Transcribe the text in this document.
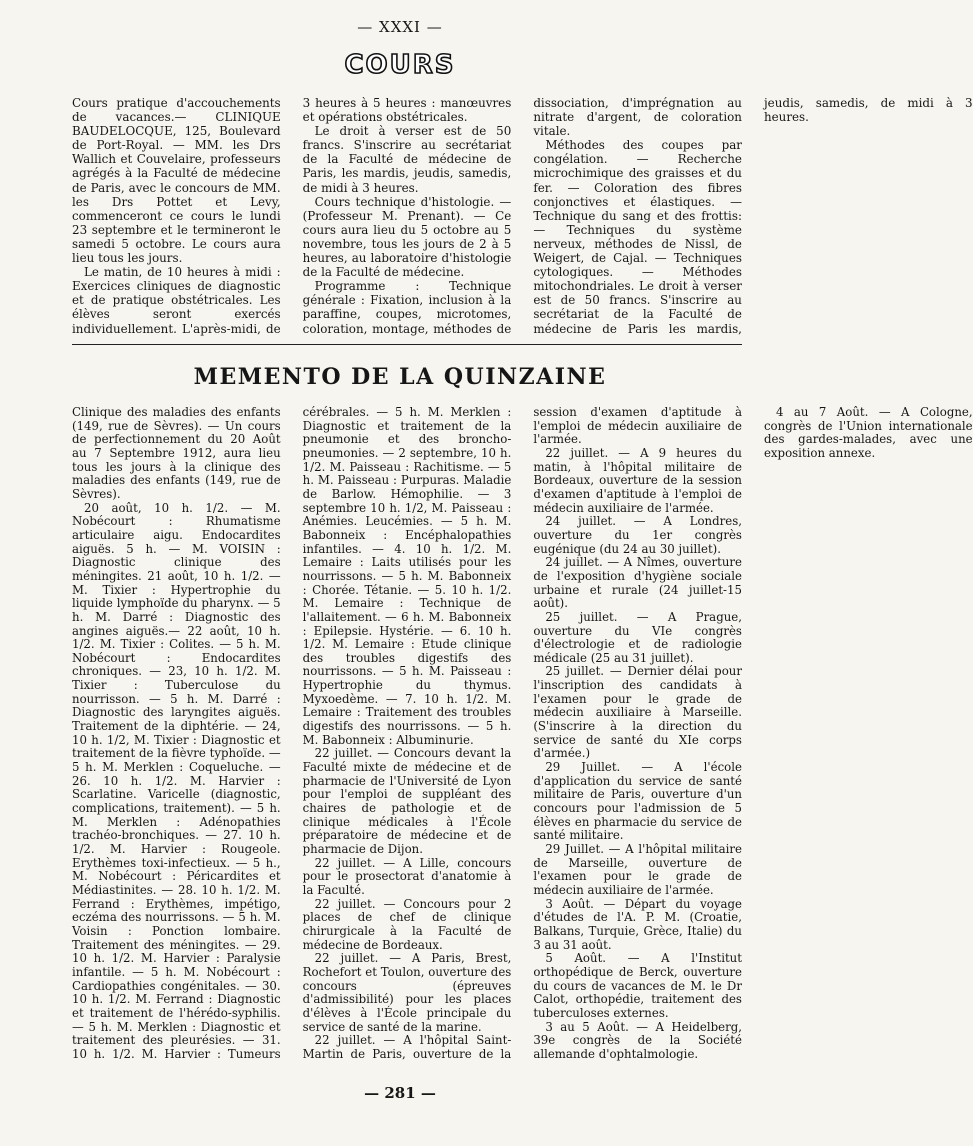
— XXXI —
COURS

Cours pratique d'accouchements de vacances.— CLINIQUE BAUDELOCQUE, 125, Boulevard de Port-Royal. — MM. les Drs Wallich et Couvelaire, professeurs agrégés à la Faculté de médecine de Paris, avec le concours de MM. les Drs Pottet et Levy, commenceront ce cours le lundi 23 septembre et le termineront le samedi 5 octobre. Le cours aura lieu tous les jours.

Le matin, de 10 heures à midi : Exercices cliniques de diagnostic et de pratique obstétricales. Les élèves seront exercés individuellement. L'après-midi, de 3 heures à 5 heures : manœuvres et opérations obstétricales.

Le droit à verser est de 50 francs. S'inscrire au secrétariat de la Faculté de médecine de Paris, les mardis, jeudis, samedis, de midi à 3 heures.

Cours technique d'histologie. — (Professeur M. Prenant). — Ce cours aura lieu du 5 octobre au 5 novembre, tous les jours de 2 à 5 heures, au laboratoire d'histologie de la Faculté de médecine.

Programme : Technique générale : Fixation, inclusion à la paraffine, coupes, microtomes, coloration, montage, méthodes de dissociation, d'imprégnation au nitrate d'argent, de coloration vitale.

Méthodes des coupes par congélation. — Recherche microchimique des graisses et du fer. — Coloration des fibres conjonctives et élastiques. — Technique du sang et des frottis: — Techniques du système nerveux, méthodes de Nissl, de Weigert, de Cajal. — Techniques cytologiques. — Méthodes mitochondriales. Le droit à verser est de 50 francs. S'inscrire au secrétariat de la Faculté de médecine de Paris les mardis, jeudis, samedis, de midi à 3 heures.

MEMENTO DE LA QUINZAINE

Clinique des maladies des enfants (149, rue de Sèvres). — Un cours de perfectionnement du 20 Août au 7 Septembre 1912, aura lieu tous les jours à la clinique des maladies des enfants (149, rue de Sèvres).

20 août, 10 h. 1/2. — M. Nobécourt : Rhumatisme articulaire aigu. Endocardites aiguës. 5 h. — M. VOISIN : Diagnostic clinique des méningites. 21 août, 10 h. 1/2. — M. Tixier : Hypertrophie du liquide lymphoïde du pharynx. — 5 h. M. Darré : Diagnostic des angines aiguës.— 22 août, 10 h. 1/2. M. Tixier : Colites. — 5 h. M. Nobécourt : Endocardites chroniques. — 23, 10 h. 1/2. M. Tixier : Tuberculose du nourrisson. — 5 h. M. Darré : Diagnostic des laryngites aiguës. Traitement de la diphtérie. — 24, 10 h. 1/2, M. Tixier : Diagnostic et traitement de la fièvre typhoïde. — 5 h. M. Merklen : Coqueluche. — 26. 10 h. 1/2. M. Harvier : Scarlatine. Varicelle (diagnostic, complications, traitement). — 5 h. M. Merklen : Adénopathies trachéo-bronchiques. — 27. 10 h. 1/2. M. Harvier : Rougeole. Erythèmes toxi-infectieux. — 5 h., M. Nobécourt : Péricardites et Médiastinites. — 28. 10 h. 1/2. M. Ferrand : Erythèmes, impétigo, eczéma des nourrissons. — 5 h. M. Voisin : Ponction lombaire. Traitement des méningites. — 29. 10 h. 1/2. M. Harvier : Paralysie infantile. — 5 h. M. Nobécourt : Cardiopathies congénitales. — 30. 10 h. 1/2. M. Ferrand : Diagnostic et traitement de l'hérédo-syphilis. — 5 h. M. Merklen : Diagnostic et traitement des pleurésies. — 31. 10 h. 1/2. M. Harvier : Tumeurs cérébrales. — 5 h. M. Merklen : Diagnostic et traitement de la pneumonie et des broncho-pneumonies. — 2 septembre, 10 h. 1/2. M. Paisseau : Rachitisme. — 5 h. M. Paisseau : Purpuras. Maladie de Barlow. Hémophilie. — 3 septembre 10 h. 1/2, M. Paisseau : Anémies. Leucémies. — 5 h. M. Babonneix : Encéphalopathies infantiles. — 4. 10 h. 1/2. M. Lemaire : Laits utilisés pour les nourrissons. — 5 h. M. Babonneix : Chorée. Tétanie. — 5. 10 h. 1/2. M. Lemaire : Technique de l'allaitement. — 6 h. M. Babonneix : Epilepsie. Hystérie. — 6. 10 h. 1/2. M. Lemaire : Etude clinique des troubles digestifs des nourrissons. — 5 h. M. Paisseau : Hypertrophie du thymus. Myxoedème. — 7. 10 h. 1/2. M. Lemaire : Traitement des troubles digestifs des nourrissons. — 5 h. M. Babonneix : Albuminurie.

22 juillet. — Concours devant la Faculté mixte de médecine et de pharmacie de l'Université de Lyon pour l'emploi de suppléant des chaires de pathologie et de clinique médicales à l'École préparatoire de médecine et de pharmacie de Dijon.

22 juillet. — A Lille, concours pour le prosectorat d'anatomie à la Faculté.

22 juillet. — Concours pour 2 places de chef de clinique chirurgicale à la Faculté de médecine de Bordeaux.

22 juillet. — A Paris, Brest, Rochefort et Toulon, ouverture des concours (épreuves d'admissibilité) pour les places d'élèves à l'École principale du service de santé de la marine.

22 juillet. — A l'hôpital Saint-Martin de Paris, ouverture de la session d'examen d'aptitude à l'emploi de médecin auxiliaire de l'armée.

22 juillet. — A 9 heures du matin, à l'hôpital militaire de Bordeaux, ouverture de la session d'examen d'aptitude à l'emploi de médecin auxiliaire de l'armée.

24 juillet. — A Londres, ouverture du 1er congrès eugénique (du 24 au 30 juillet).

24 juillet. — A Nîmes, ouverture de l'exposition d'hygiène sociale urbaine et rurale (24 juillet-15 août).

25 juillet. — A Prague, ouverture du VIe congrès d'électrologie et de radiologie médicale (25 au 31 juillet).

25 juillet. — Dernier délai pour l'inscription des candidats à l'examen pour le grade de médecin auxiliaire à Marseille. (S'inscrire à la direction du service de santé du XIe corps d'armée.)

29 Juillet. — A l'école d'application du service de santé militaire de Paris, ouverture d'un concours pour l'admission de 5 élèves en pharmacie du service de santé militaire.

29 Juillet. — A l'hôpital militaire de Marseille, ouverture de l'examen pour le grade de médecin auxiliaire de l'armée.

3 Août. — Départ du voyage d'études de l'A. P. M. (Croatie, Balkans, Turquie, Grèce, Italie) du 3 au 31 août.

5 Août. — A l'Institut orthopédique de Berck, ouverture du cours de vacances de M. le Dr Calot, orthopédie, traitement des tuberculoses externes.

3 au 5 Août. — A Heidelberg, 39e congrès de la Société allemande d'ophtalmologie.

4 au 7 Août. — A Cologne, congrès de l'Union internationale des gardes-malades, avec une exposition annexe.

— 281 —
